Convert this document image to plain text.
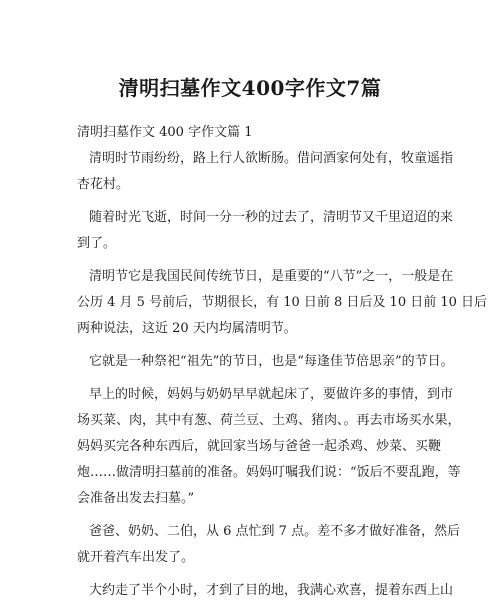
清明扫墓作文400字作文7篇
清明扫墓作文 400 字作文篇 1

清明时节雨纷纷，路上行人欲断肠。借问酒家何处有，牧童遥指
杏花村。

随着时光飞逝，时间一分一秒的过去了，清明节又千里迢迢的来
到了。

清明节它是我国民间传统节日，是重要的“八节”之一，一般是在
公历 4 月 5 号前后，节期很长，有 10 日前 8 日后及 10 日前 10 日后
两种说法，这近 20 天内均属清明节。

它就是一种祭祀“祖先”的节日，也是“每逢佳节倍思亲”的节日。

早上的时候，妈妈与奶奶早早就起床了，要做许多的事情，到市
场买菜、肉，其中有葱、荷兰豆、土鸡、猪肉、。再去市场买水果，
妈妈买完各种东西后，就回家当场与爸爸一起杀鸡、炒菜、买鞭
炮……做清明扫墓前的准备。妈妈叮嘱我们说：“饭后不要乱跑，等
会准备出发去扫墓。”

爸爸、奶奶、二伯，从 6 点忙到 7 点。差不多才做好准备，然后
就开着汽车出发了。

大约走了半个小时，才到了目的地，我满心欢喜，提着东西上山
